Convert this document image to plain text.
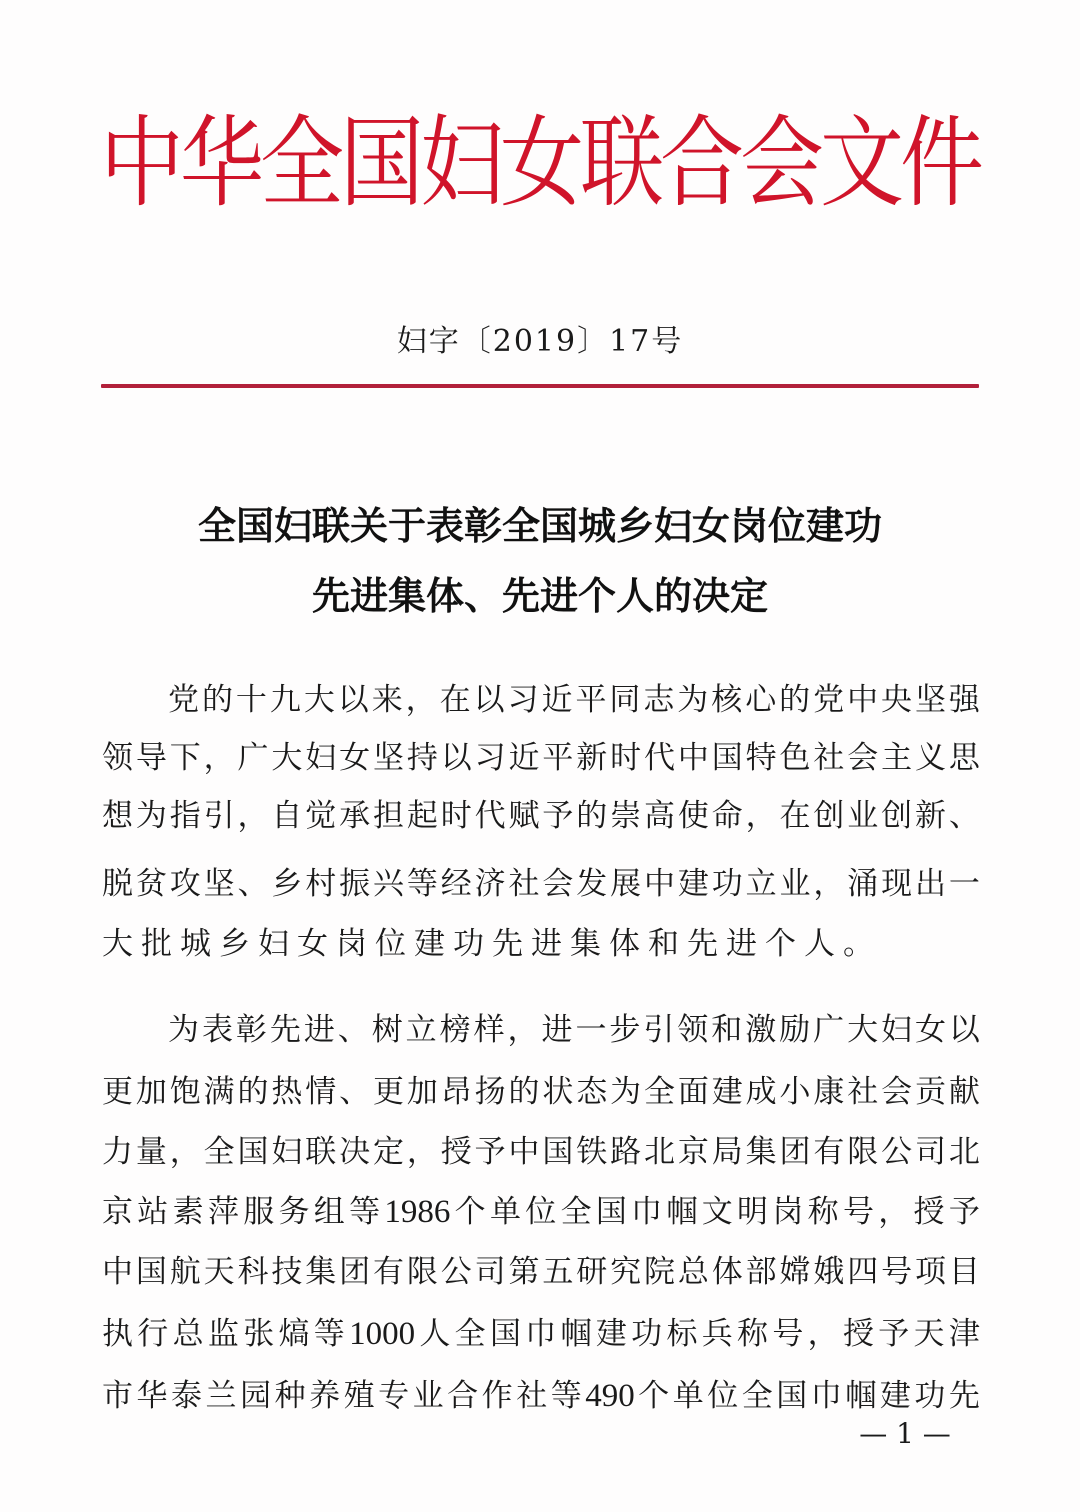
中
华
全
国
妇
女
联
合
会
文
件
妇字〔2019〕17号
全国妇联关于表彰全国城乡妇女岗位建功
先进集体、先进个人的决定
党 的 十 九 大 以 来 ， 在 以 习 近 平 同 志 为 核 心 的 党 中 央 坚 强
领 导 下 ， 广 大 妇 女 坚 持 以 习 近 平 新 时 代 中 国 特 色 社 会 主 义 思
想 为 指 引 ， 自 觉 承 担 起 时 代 赋 予 的 崇 高 使 命 ， 在 创 业 创 新 、
脱 贫 攻 坚 、 乡 村 振 兴 等 经 济 社 会 发 展 中 建 功 立 业 ， 涌 现 出 一
大批城乡妇女岗位建功先进集体和先进个人。
为 表 彰 先 进 、 树 立 榜 样 ， 进 一 步 引 领 和 激 励 广 大 妇 女 以
更 加 饱 满 的 热 情 、 更 加 昂 扬 的 状 态 为 全 面 建 成 小 康 社 会 贡 献
力 量 ， 全 国 妇 联 决 定 ， 授 予 中 国 铁 路 北 京 局 集 团 有 限 公 司 北
京 站 素 萍 服 务 组 等 1986 个 单 位 全 国 巾 帼 文 明 岗 称 号 ， 授 予
中 国 航 天 科 技 集 团 有 限 公 司 第 五 研 究 院 总 体 部 嫦 娥 四 号 项 目
执 行 总 监 张 熇 等 1000 人 全 国 巾 帼 建 功 标 兵 称 号 ， 授 予 天 津
市 华 泰 兰 园 种 养 殖 专 业 合 作 社 等 490 个 单 位 全 国 巾 帼 建 功 先
— 1 —
